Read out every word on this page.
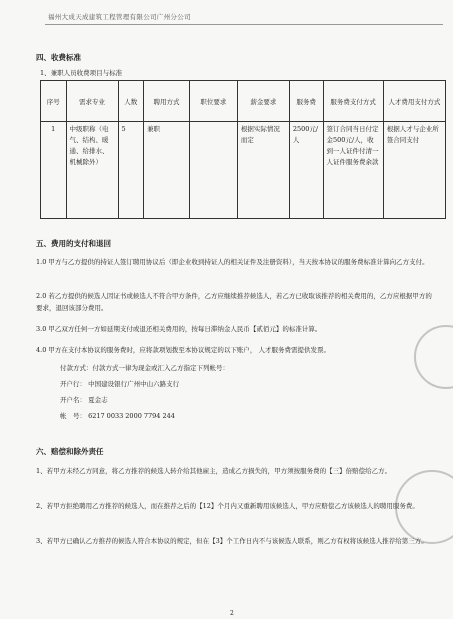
福州大成天成建筑工程管理有限公司广州分公司
四、收费标准
1、兼职人员收费项目与标准
序号	需求专业	人数	聘用方式	职位要求	薪金要求	服务费	服务费支付方式	人才费用支付方式
1	中级职称（电气、结构、暖通、给排水、机械除外）	5	兼职		根据实际情况而定	2500元/人	签订合同当日付定金500元/人，收到一人证件付清一人证件服务费余款	根据人才与企业所签合同支付
五、费用的支付和退回
1.0 甲方与乙方提供的持证人签订聘用协议后（即企业收到持证人的相关证件及注册资料），当天按本协议的服务费标准计算向乙方支付。
2.0 若乙方提供的候选人因证书或候选人不符合甲方条件，乙方应继续推荐候选人，若乙方已收取该推荐的相关费用的，乙方应根据甲方的要求，退回该部分费用。
3.0 甲乙双方任何一方如延期支付或退还相关费用的，按每日滞纳金人民币【贰佰元】的标准计算。
4.0 甲方在支付本协议的服务费时，应将款项划拨至本协议规定的以下账户， 人才服务费需提供发票。
付款方式：付款方式一律为现金或汇入乙方指定下列帐号：
开户行： 中国建设银行广州中山六路支行
开户名： 夏金志
帐　号： 6217 0033 2000 7794 244
六、赔偿和除外责任
1、若甲方未经乙方同意，将乙方推荐的候选人转介给其他雇主，造成乙方损失的，甲方须按服务费的【三】倍赔偿给乙方。
2、若甲方拒绝聘用乙方推荐的候选人，而在推荐之后的【12】个月内又重新聘用该候选人，甲方应赔偿乙方该候选人的聘用服务费。
3、若甲方已确认乙方推荐的候选人符合本协议的规定，但在【3】个工作日内不与该候选人联系，则乙方有权将该候选人推荐给第三方。
2
